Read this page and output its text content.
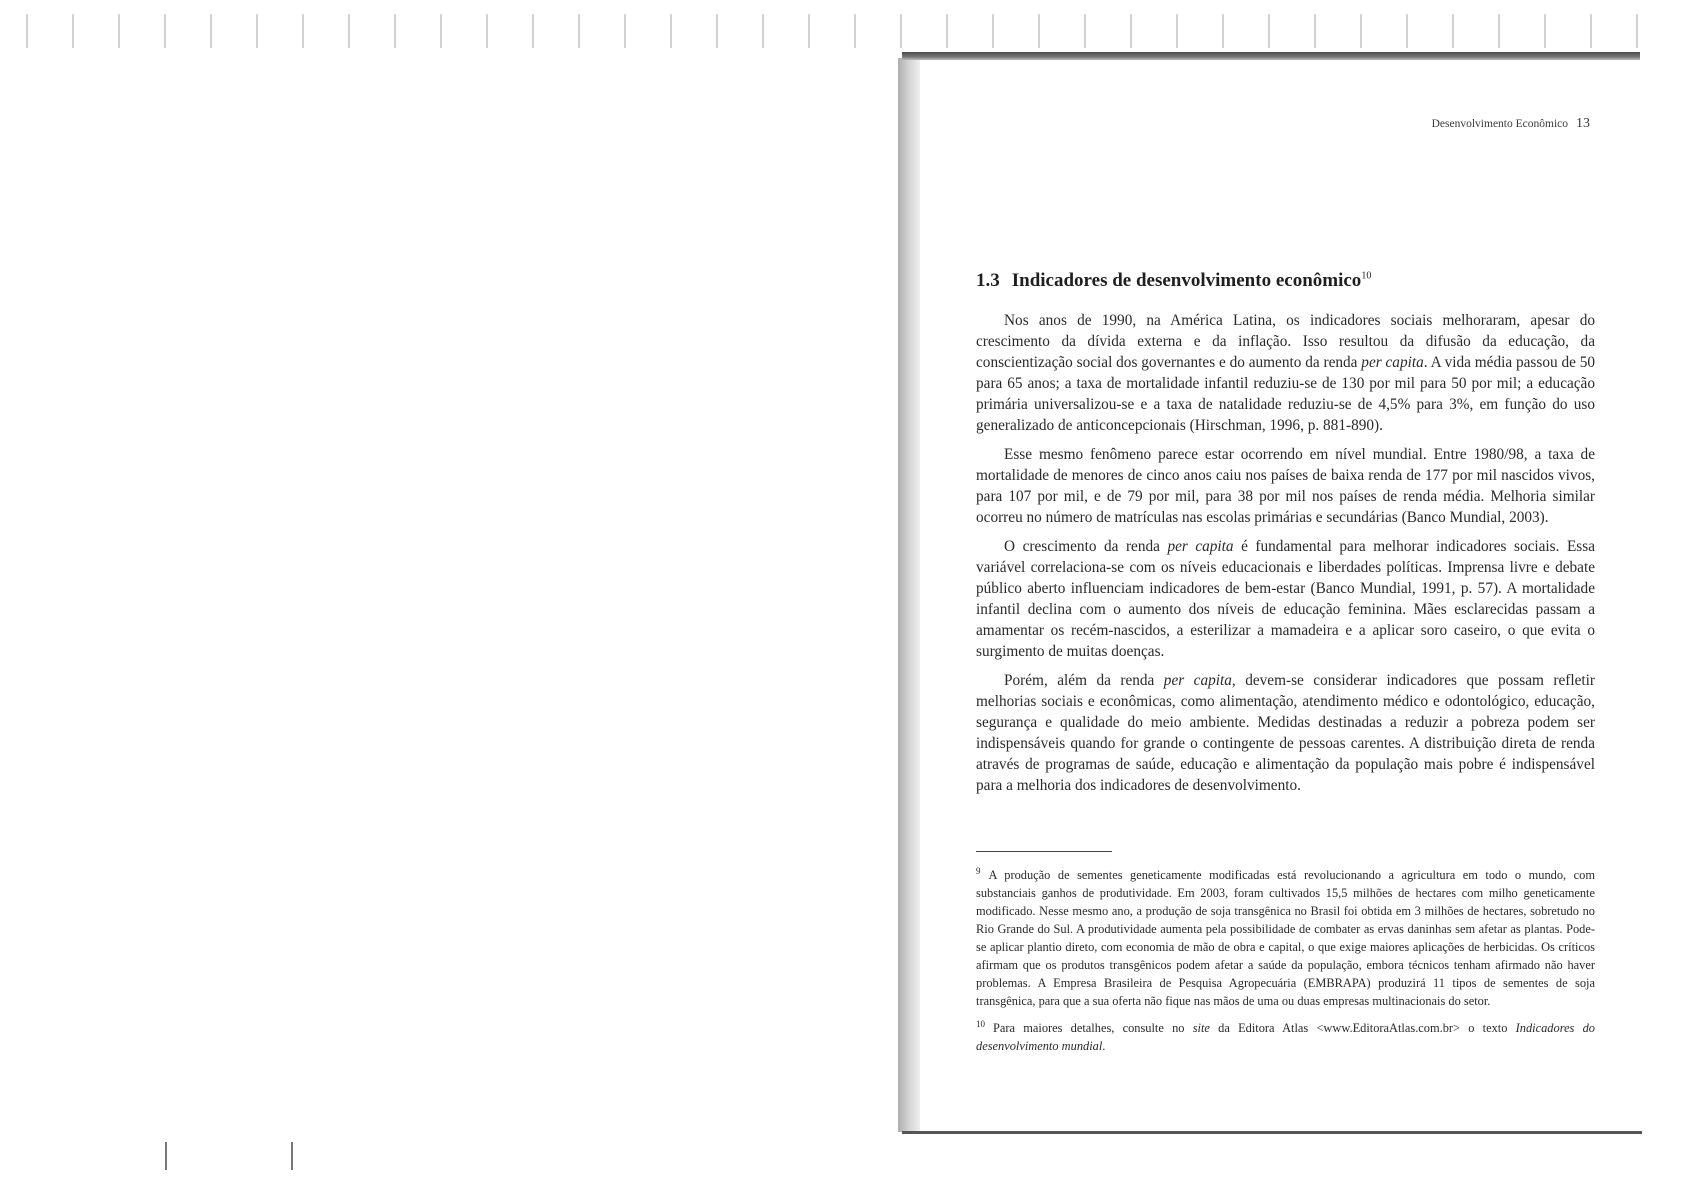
Desenvolvimento Econômico 13
1.3 Indicadores de desenvolvimento econômico$^{10}$

Nos anos de 1990, na América Latina, os indicadores sociais melhoraram, apesar do crescimento da dívida externa e da inflação. Isso resultou da difusão da educação, da conscientização social dos governantes e do aumento da renda per capita. A vida média passou de 50 para 65 anos; a taxa de mortalidade infantil reduziu-se de 130 por mil para 50 por mil; a educação primária universalizou-se e a taxa de natalidade reduziu-se de 4,5% para 3%, em função do uso generalizado de anticoncepcionais (Hirschman, 1996, p. 881-890).

Esse mesmo fenômeno parece estar ocorrendo em nível mundial. Entre 1980/98, a taxa de mortalidade de menores de cinco anos caiu nos países de baixa renda de 177 por mil nascidos vivos, para 107 por mil, e de 79 por mil, para 38 por mil nos países de renda média. Melhoria similar ocorreu no número de matrículas nas escolas primárias e secundárias (Banco Mundial, 2003).

O crescimento da renda per capita é fundamental para melhorar indicadores sociais. Essa variável correlaciona-se com os níveis educacionais e liberdades políticas. Imprensa livre e debate público aberto influenciam indicadores de bem-estar (Banco Mundial, 1991, p. 57). A mortalidade infantil declina com o aumento dos níveis de educação feminina. Mães esclarecidas passam a amamentar os recém-nascidos, a esterilizar a mamadeira e a aplicar soro caseiro, o que evita o surgimento de muitas doenças.

Porém, além da renda per capita, devem-se considerar indicadores que possam refletir melhorias sociais e econômicas, como alimentação, atendimento médico e odontológico, educação, segurança e qualidade do meio ambiente. Medidas destinadas a reduzir a pobreza podem ser indispensáveis quando for grande o contingente de pessoas carentes. A distribuição direta de renda através de programas de saúde, educação e alimentação da população mais pobre é indispensável para a melhoria dos indicadores de desenvolvimento.

$^9$ A produção de sementes geneticamente modificadas está revolucionando a agricultura em todo o mundo, com substanciais ganhos de produtividade. Em 2003, foram cultivados 15,5 milhões de hectares com milho geneticamente modificado. Nesse mesmo ano, a produção de soja transgênica no Brasil foi obtida em 3 milhões de hectares, sobretudo no Rio Grande do Sul. A produtividade aumenta pela possibilidade de combater as ervas daninhas sem afetar as plantas. Pode-se aplicar plantio direto, com economia de mão de obra e capital, o que exige maiores aplicações de herbicidas. Os críticos afirmam que os produtos transgênicos podem afetar a saúde da população, embora técnicos tenham afirmado não haver problemas. A Empresa Brasileira de Pesquisa Agropecuária (EMBRAPA) produzirá 11 tipos de sementes de soja transgênica, para que a sua oferta não fique nas mãos de uma ou duas empresas multinacionais do setor.

$^{10}$ Para maiores detalhes, consulte no site da Editora Atlas <www.EditoraAtlas.com.br> o texto Indicadores do desenvolvimento mundial.
